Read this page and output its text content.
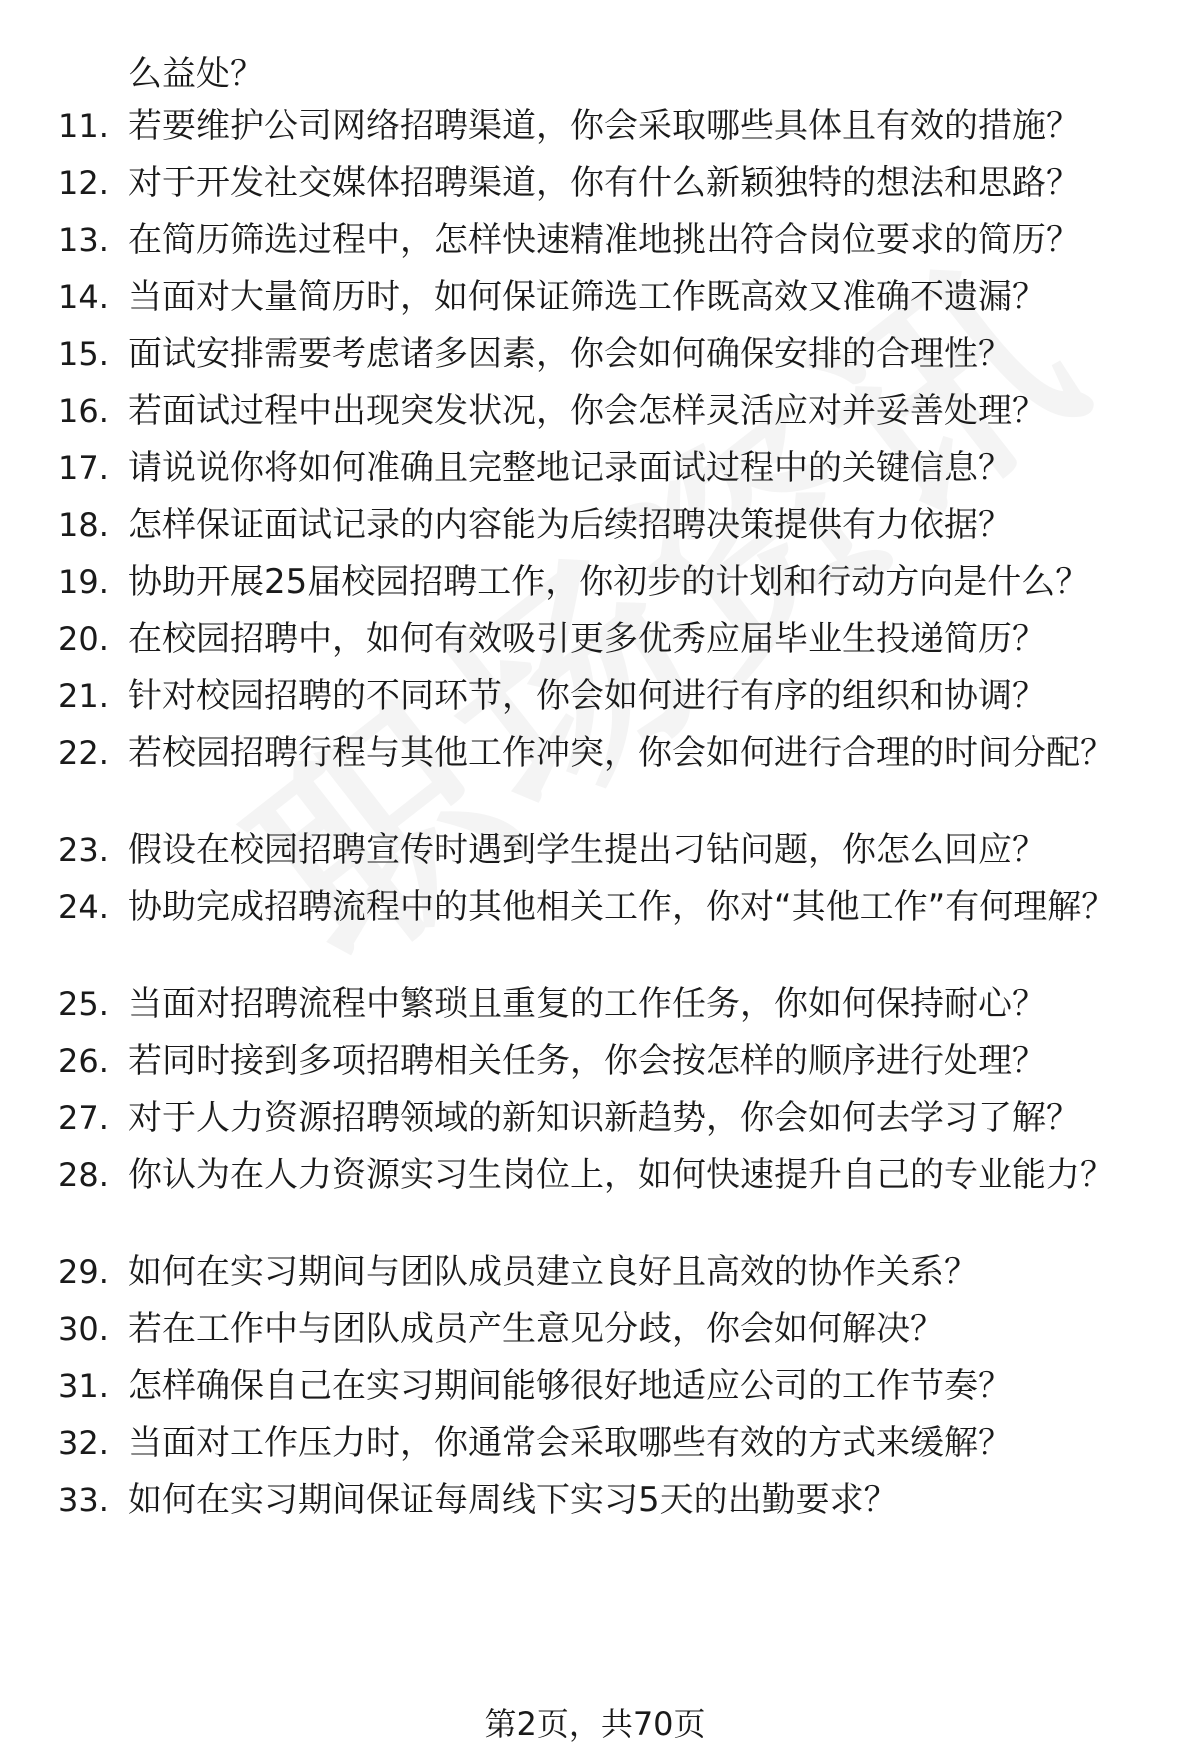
么益处？
11. 若要维护公司网络招聘渠道，你会采取哪些具体且有效的措施？
12. 对于开发社交媒体招聘渠道，你有什么新颖独特的想法和思路？
13. 在简历筛选过程中，怎样快速精准地挑出符合岗位要求的简历？
14. 当面对大量简历时，如何保证筛选工作既高效又准确不遗漏？
15. 面试安排需要考虑诸多因素，你会如何确保安排的合理性？
16. 若面试过程中出现突发状况，你会怎样灵活应对并妥善处理？
17. 请说说你将如何准确且完整地记录面试过程中的关键信息？
18. 怎样保证面试记录的内容能为后续招聘决策提供有力依据？
19. 协助开展25届校园招聘工作，你初步的计划和行动方向是什么？
20. 在校园招聘中，如何有效吸引更多优秀应届毕业生投递简历？
21. 针对校园招聘的不同环节，你会如何进行有序的组织和协调？
22. 若校园招聘行程与其他工作冲突，你会如何进行合理的时间分配？
23. 假设在校园招聘宣传时遇到学生提出刁钻问题，你怎么回应？
24. 协助完成招聘流程中的其他相关工作，你对“其他工作”有何理解？
25. 当面对招聘流程中繁琐且重复的工作任务，你如何保持耐心？
26. 若同时接到多项招聘相关任务，你会按怎样的顺序进行处理？
27. 对于人力资源招聘领域的新知识新趋势，你会如何去学习了解？
28. 你认为在人力资源实习生岗位上，如何快速提升自己的专业能力？
29. 如何在实习期间与团队成员建立良好且高效的协作关系？
30. 若在工作中与团队成员产生意见分歧，你会如何解决？
31. 怎样确保自己在实习期间能够很好地适应公司的工作节奏？
32. 当面对工作压力时，你通常会采取哪些有效的方式来缓解？
33. 如何在实习期间保证每周线下实习5天的出勤要求？
第2页，共70页
